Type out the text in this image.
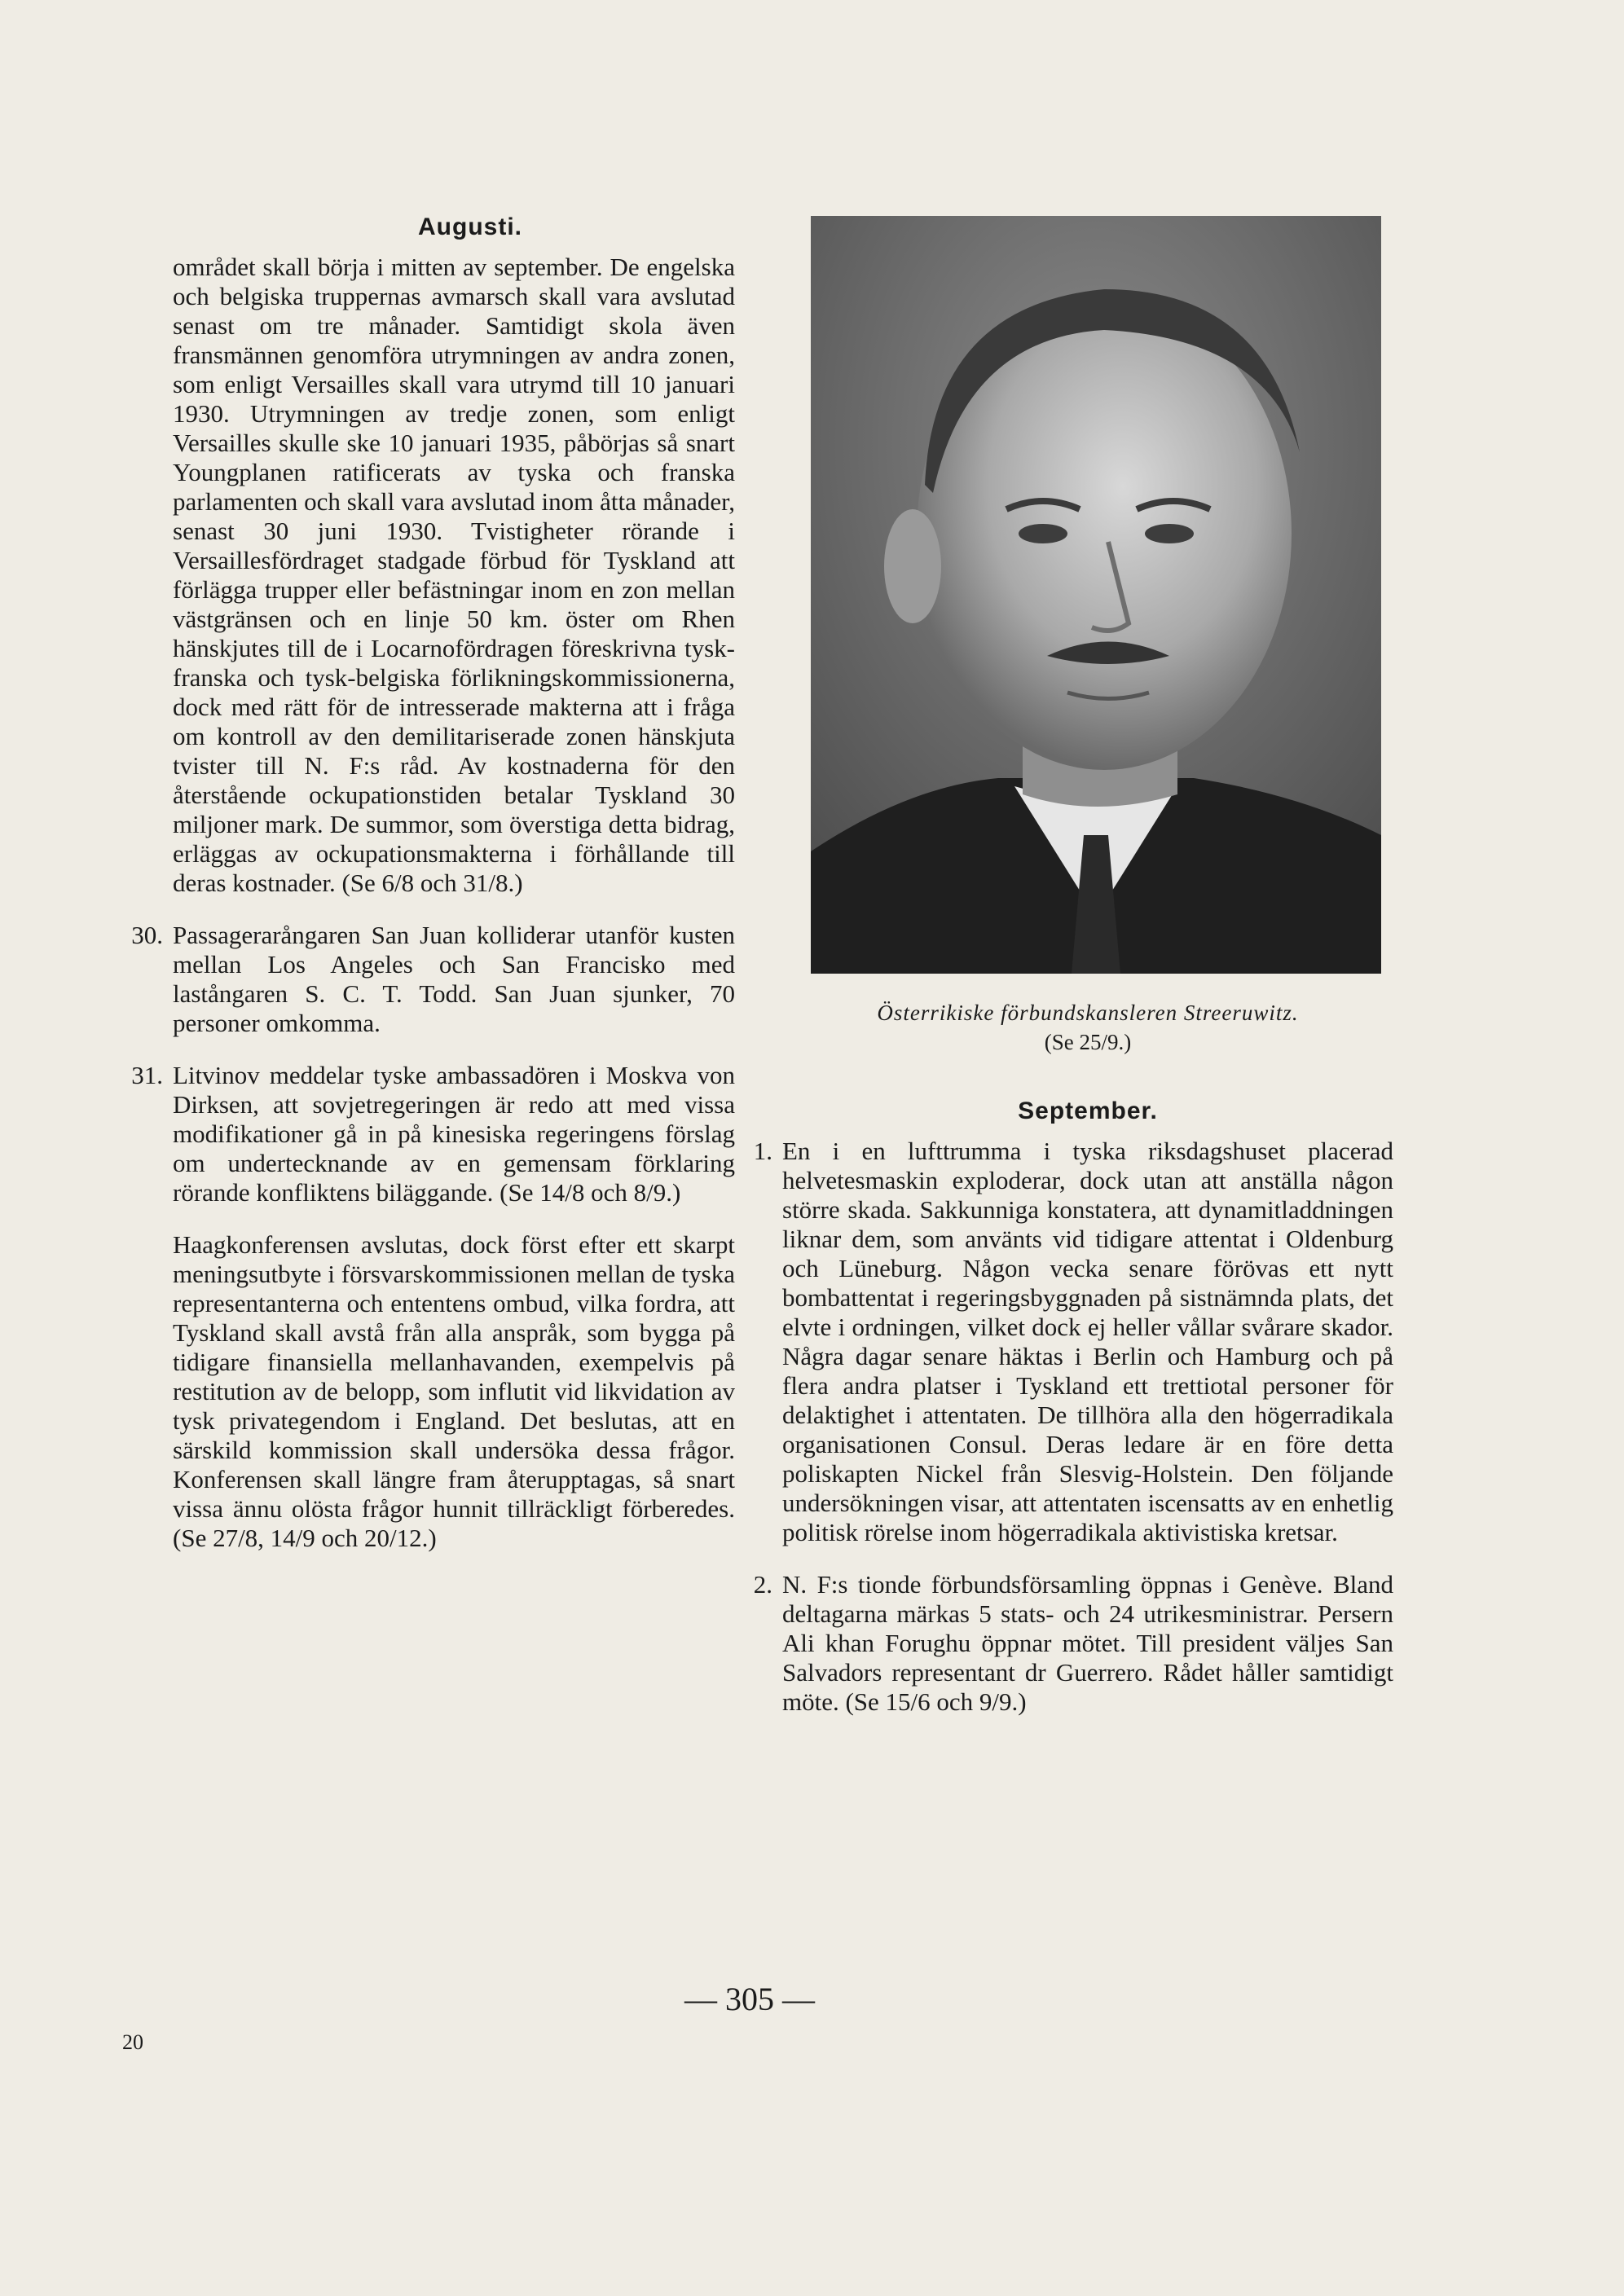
Augusti.

området skall börja i mitten av september. De engelska och belgiska truppernas avmarsch skall vara avslutad senast om tre månader. Samtidigt skola även fransmännen genomföra utrymningen av andra zonen, som enligt Versailles skall vara utrymd till 10 januari 1930. Utrymningen av tredje zonen, som enligt Versailles skulle ske 10 januari 1935, påbörjas så snart Youngplanen ratificerats av tyska och franska parlamenten och skall vara avslutad inom åtta månader, senast 30 juni 1930. Tvistigheter rörande i Versaillesfördraget stadgade förbud för Tyskland att förlägga trupper eller befästningar inom en zon mellan västgränsen och en linje 50 km. öster om Rhen hänskjutes till de i Locarnofördragen föreskrivna tysk-franska och tysk-belgiska förlikningskommissionerna, dock med rätt för de intresserade makterna att i fråga om kontroll av den demilitariserade zonen hänskjuta tvister till N. F:s råd. Av kostnaderna för den återstående ockupationstiden betalar Tyskland 30 miljoner mark. De summor, som överstiga detta bidrag, erläggas av ockupationsmakterna i förhållande till deras kostnader. (Se 6/8 och 31/8.)

30. Passagerarångaren San Juan kolliderar utanför kusten mellan Los Angeles och San Francisko med lastångaren S. C. T. Todd. San Juan sjunker, 70 personer omkomma.

31. Litvinov meddelar tyske ambassadören i Moskva von Dirksen, att sovjetregeringen är redo att med vissa modifikationer gå in på kinesiska regeringens förslag om undertecknande av en gemensam förklaring rörande konfliktens biläggande. (Se 14/8 och 8/9.)

Haagkonferensen avslutas, dock först efter ett skarpt meningsutbyte i försvarskommissionen mellan de tyska representanterna och ententens ombud, vilka fordra, att Tyskland skall avstå från alla anspråk, som bygga på tidigare finansiella mellanhavanden, exempelvis på restitution av de belopp, som influtit vid likvidation av tysk privategendom i England. Det beslutas, att en särskild kommission skall undersöka dessa frågor. Konferensen skall längre fram återupptagas, så snart vissa ännu olösta frågor hunnit tillräckligt förberedes. (Se 27/8, 14/9 och 20/12.)

Österrikiske förbundskansleren Streeruwitz.
(Se 25/9.)
September.
1. En i en lufttrumma i tyska riksdagshuset placerad helvetesmaskin exploderar, dock utan att anställa någon större skada. Sakkunniga konstatera, att dynamitladdningen liknar dem, som använts vid tidigare attentat i Oldenburg och Lüneburg. Någon vecka senare förövas ett nytt bombattentat i regeringsbyggnaden på sistnämnda plats, det elvte i ordningen, vilket dock ej heller vållar svårare skador. Några dagar senare häktas i Berlin och Hamburg och på flera andra platser i Tyskland ett trettiotal personer för delaktighet i attentaten. De tillhöra alla den högerradikala organisationen Consul. Deras ledare är en före detta poliskapten Nickel från Slesvig-Holstein. Den följande undersökningen visar, att attentaten iscensatts av en enhetlig politisk rörelse inom högerradikala aktivistiska kretsar.

2. N. F:s tionde förbundsförsamling öppnas i Genève. Bland deltagarna märkas 5 stats- och 24 utrikesministrar. Persern Ali khan Forughu öppnar mötet. Till president väljes San Salvadors representant dr Guerrero. Rådet håller samtidigt möte. (Se 15/6 och 9/9.)

— 305 —
20
